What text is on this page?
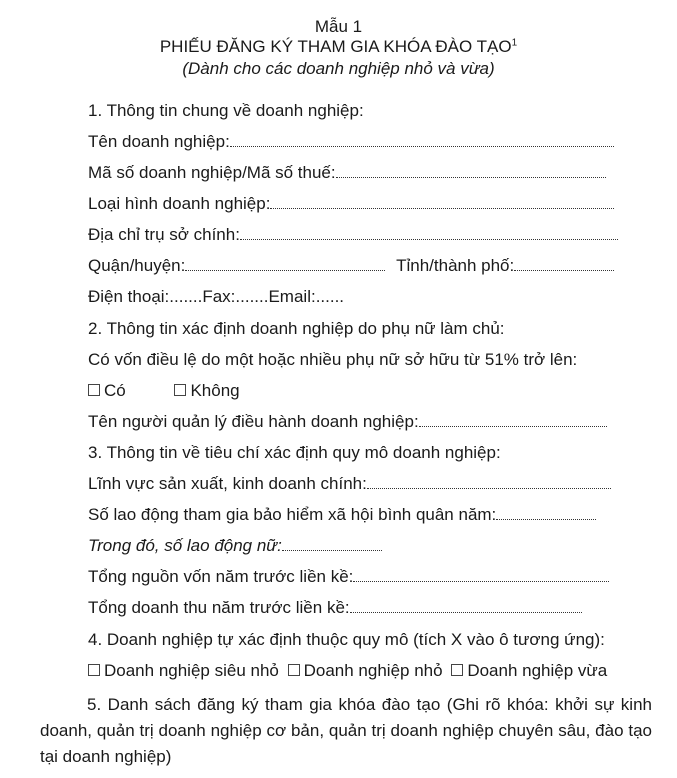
Mẫu 1
PHIẾU ĐĂNG KÝ THAM GIA KHÓA ĐÀO TẠO$^1$
(Dành cho các doanh nghiệp nhỏ và vừa)
1. Thông tin chung về doanh nghiệp:
Tên doanh nghiệp:
Mã số doanh nghiệp/Mã số thuế:
Loại hình doanh nghiệp:
Địa chỉ trụ sở chính:
Quận/huyện:	Tỉnh/thành phố:
Điện thoại:.......Fax:.......Email:......
2. Thông tin xác định doanh nghiệp do phụ nữ làm chủ:
Có vốn điều lệ do một hoặc nhiều phụ nữ sở hữu từ 51% trở lên:
Có	Không
Tên người quản lý điều hành doanh nghiệp:
3. Thông tin về tiêu chí xác định quy mô doanh nghiệp:
Lĩnh vực sản xuất, kinh doanh chính:
Số lao động tham gia bảo hiểm xã hội bình quân năm:
Trong đó, số lao động nữ:
Tổng nguồn vốn năm trước liền kề:
Tổng doanh thu năm trước liền kề:
4. Doanh nghiệp tự xác định thuộc quy mô (tích X vào ô tương ứng):
Doanh nghiệp siêu nhỏ Doanh nghiệp nhỏ Doanh nghiệp vừa
5. Danh sách đăng ký tham gia khóa đào tạo (Ghi rõ khóa: khởi sự kinh doanh, quản trị doanh nghiệp cơ bản, quản trị doanh nghiệp chuyên sâu, đào tạo tại doanh nghiệp)
